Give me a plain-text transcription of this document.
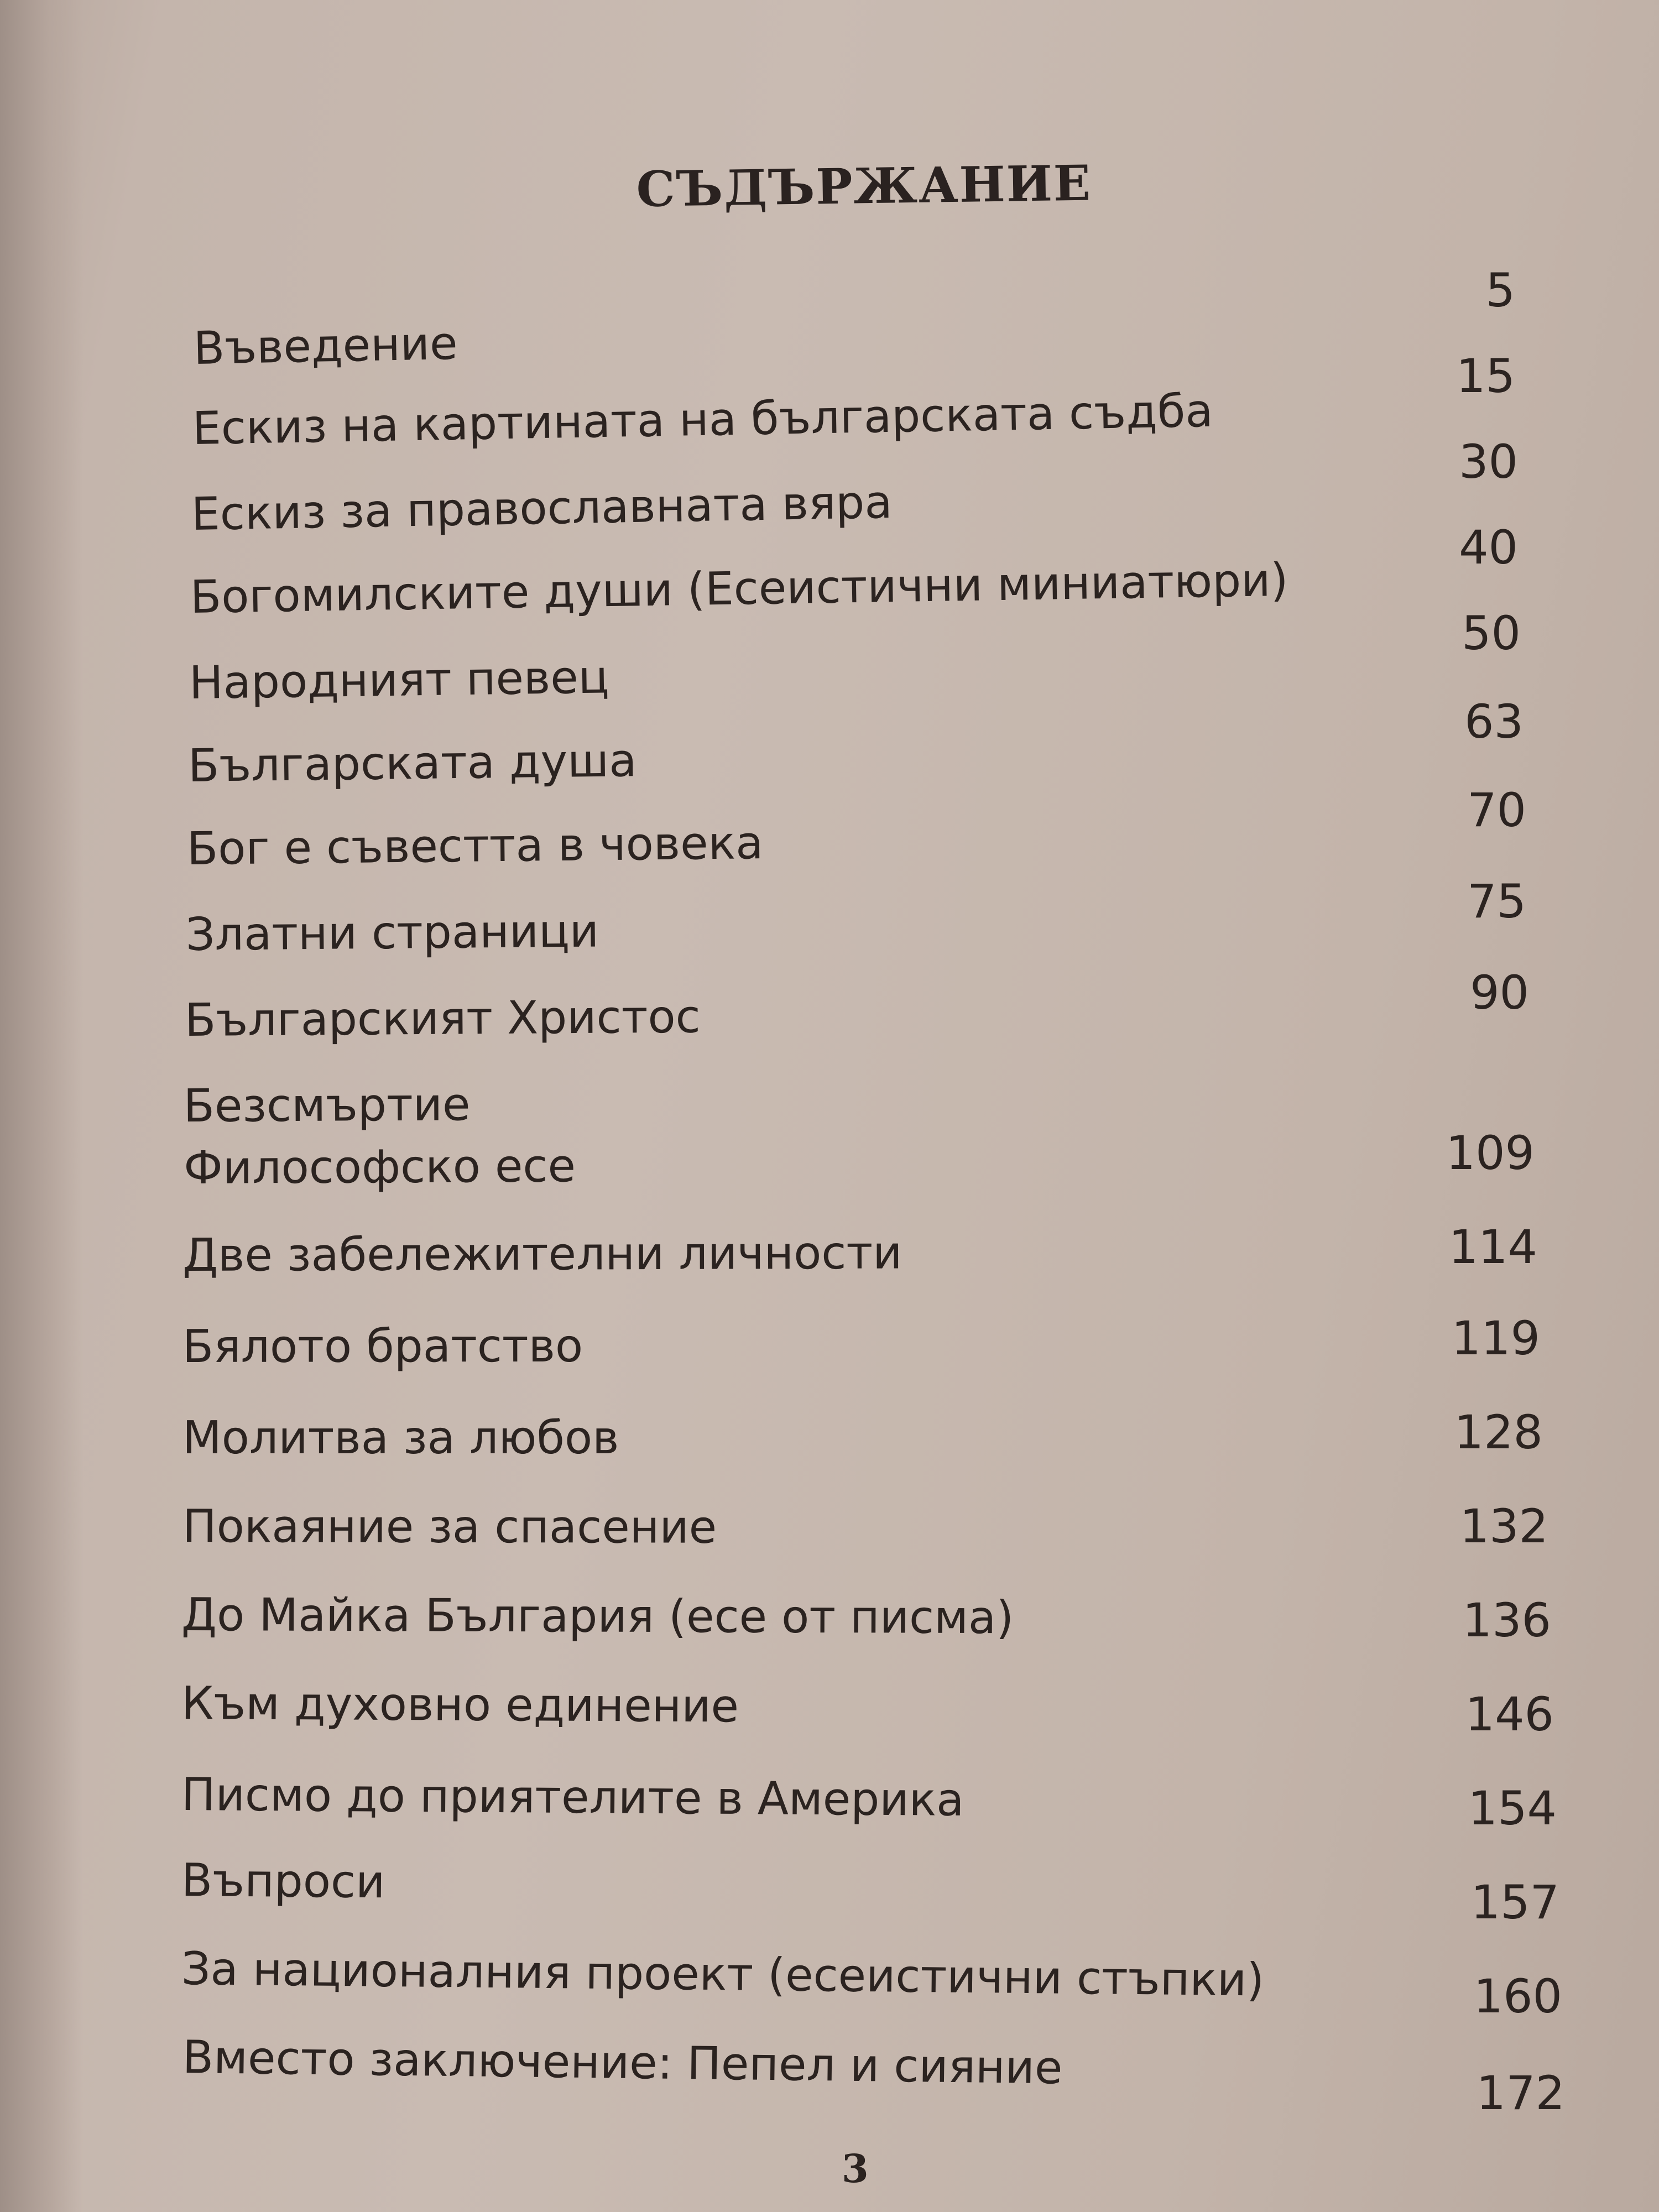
СЪДЪРЖАНИЕ
Въведение
5
Ескиз на картината на българската съдба
15
Ескиз за православната вяра
30
Богомилските души (Есеистични миниатюри)
40
Народният певец
50
Българската душа
63
Бог е съвестта в човека
70
Златни страници
75
Българският Христос	90
Безсмъртие
Философско есе	109
Две забележителни личности	114
Бялото братство	119
Молитва за любов	128
Покаяние за спасение	132
До Майка България (есе от писма)	136
Към духовно единение	146
Писмо до приятелите в Америка	154
Въпроси	157
За националния проект (есеистични стъпки)	160
Вместо заключение: Пепел и сияние	172
3
